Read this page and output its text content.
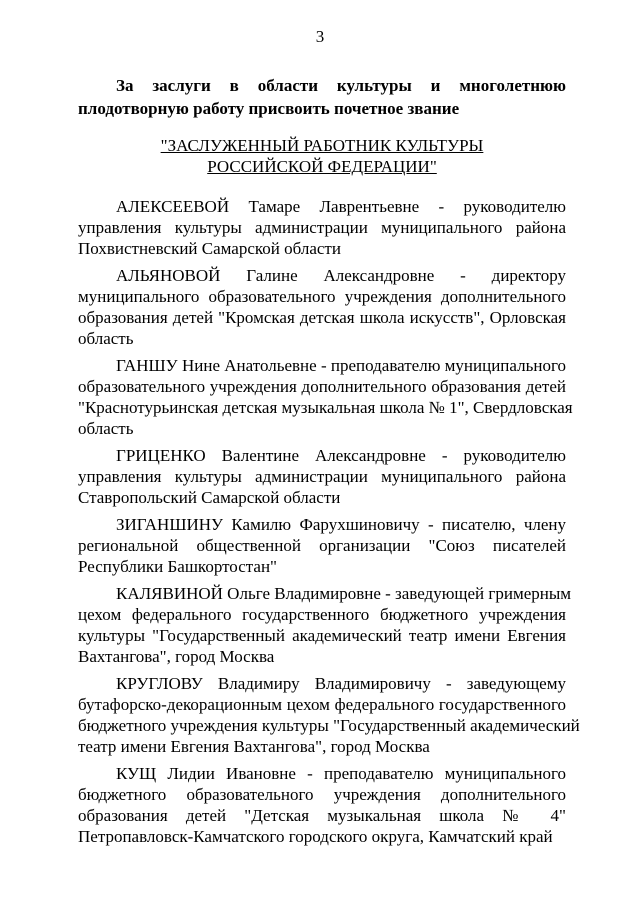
3
За заслуги в области культуры и многолетнюю
плодотворную работу присвоить почетное звание
"ЗАСЛУЖЕННЫЙ РАБОТНИК КУЛЬТУРЫ
РОССИЙСКОЙ ФЕДЕРАЦИИ"
АЛЕКСЕЕВОЙ Тамаре Лаврентьевне - руководителю
управления культуры администрации муниципального района
Похвистневский Самарской области
АЛЬЯНОВОЙ Галине Александровне - директору
муниципального образовательного учреждения дополнительного
образования детей "Кромская детская школа искусств", Орловская
область
ГАНШУ Нине Анатольевне - преподавателю муниципального
образовательного учреждения дополнительного образования детей
"Краснотурьинская детская музыкальная школа № 1", Свердловская
область
ГРИЦЕНКО Валентине Александровне - руководителю
управления культуры администрации муниципального района
Ставропольский Самарской области
ЗИГАНШИНУ Камилю Фарухшиновичу - писателю, члену
региональной общественной организации "Союз писателей
Республики Башкортостан"
КАЛЯВИНОЙ Ольге Владимировне - заведующей гримерным
цехом федерального государственного бюджетного учреждения
культуры "Государственный академический театр имени Евгения
Вахтангова", город Москва
КРУГЛОВУ Владимиру Владимировичу - заведующему
бутафорско-декорационным цехом федерального государственного
бюджетного учреждения культуры "Государственный академический
театр имени Евгения Вахтангова", город Москва
КУЩ Лидии Ивановне - преподавателю муниципального
бюджетного образовательного учреждения дополнительного
образования детей "Детская музыкальная школа № 4"
Петропавловск-Камчатского городского округа, Камчатский край
